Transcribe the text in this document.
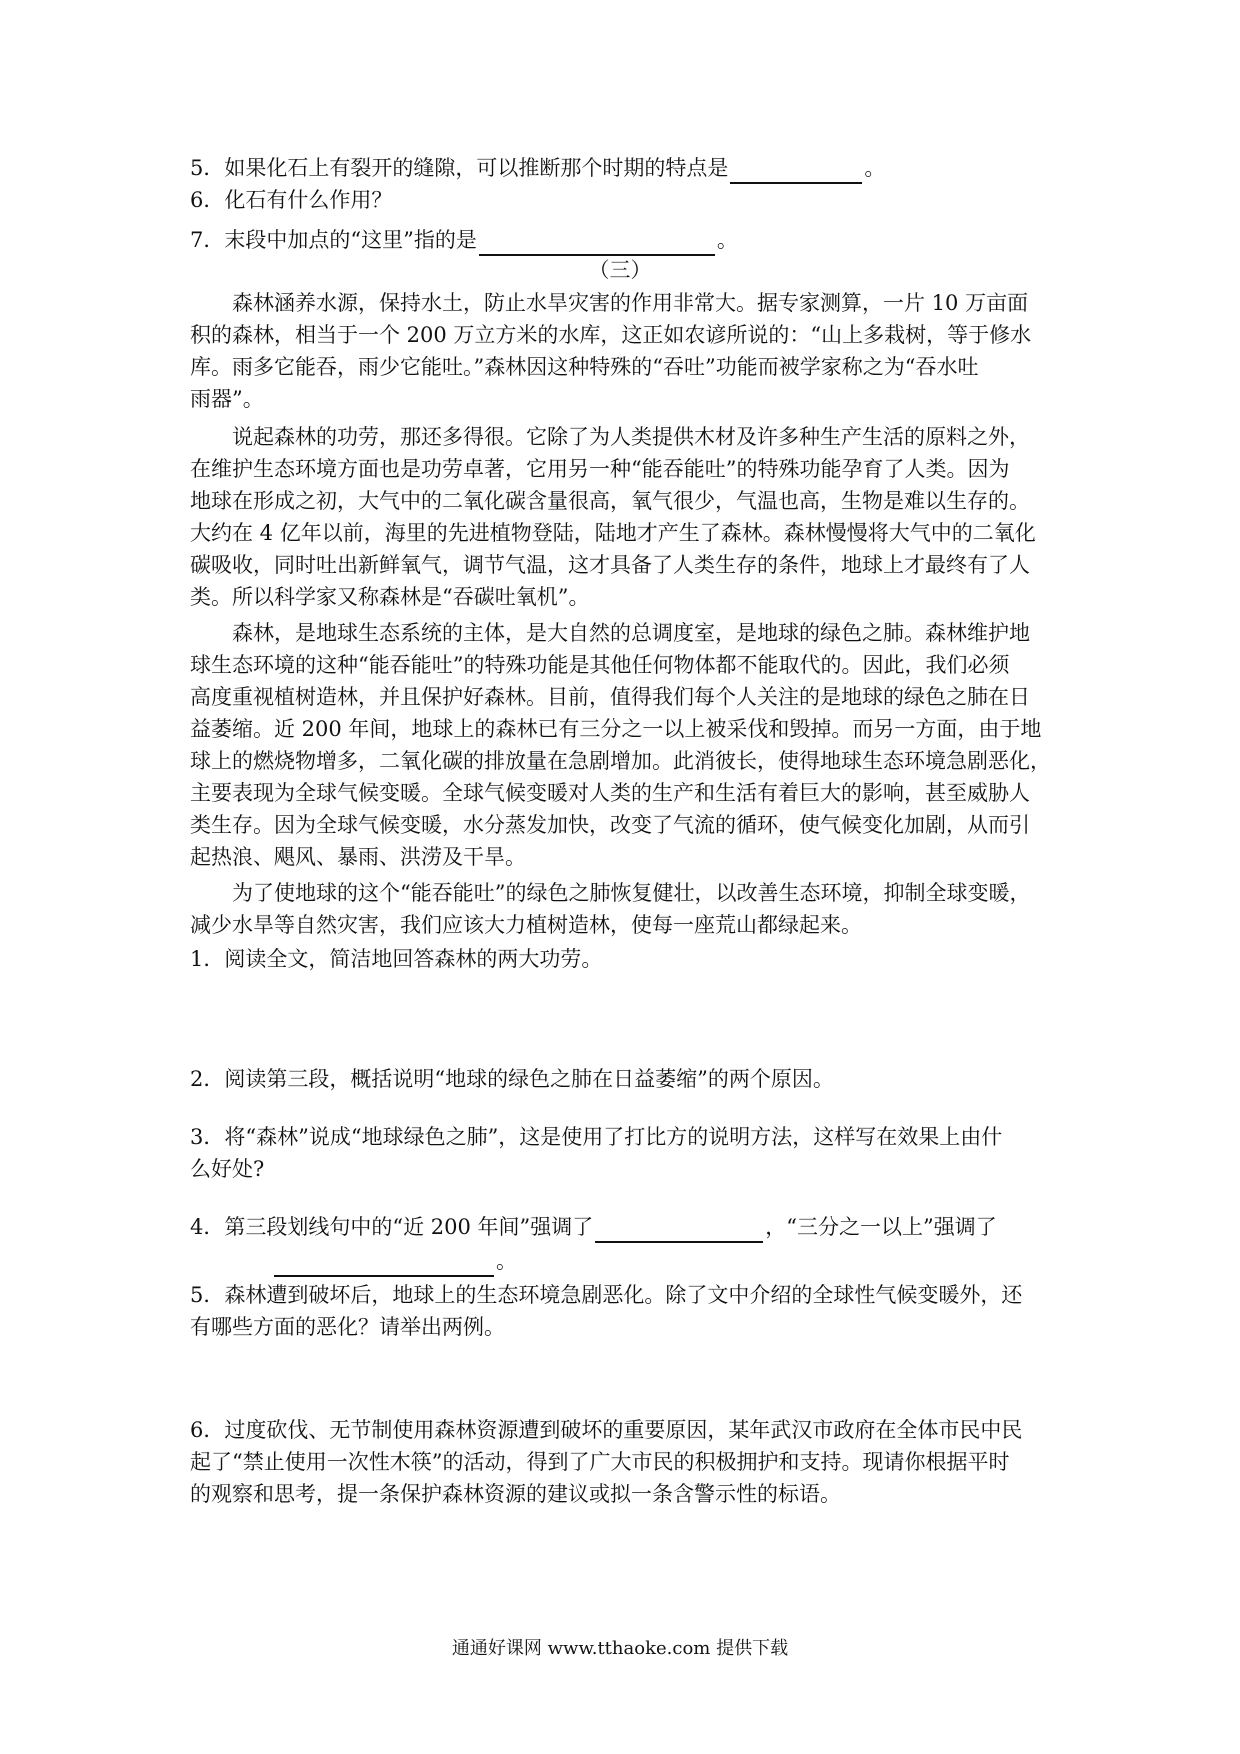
5．如果化石上有裂开的缝隙，可以推断那个时期的特点是	。
6．化石有什么作用？
7．末段中加点的“这里”指的是	。
（三）
森林涵养水源，保持水土，防止水旱灾害的作用非常大。据专家测算，一片 10 万亩面
积的森林，相当于一个 200 万立方米的水库，这正如农谚所说的：“山上多栽树，等于修水
库。雨多它能吞，雨少它能吐。”森林因这种特殊的“吞吐”功能而被学家称之为“吞水吐
雨器”。
说起森林的功劳，那还多得很。它除了为人类提供木材及许多种生产生活的原料之外，
在维护生态环境方面也是功劳卓著，它用另一种“能吞能吐”的特殊功能孕育了人类。因为
地球在形成之初，大气中的二氧化碳含量很高，氧气很少，气温也高，生物是难以生存的。
大约在 4 亿年以前，海里的先进植物登陆，陆地才产生了森林。森林慢慢将大气中的二氧化
碳吸收，同时吐出新鲜氧气，调节气温，这才具备了人类生存的条件，地球上才最终有了人
类。所以科学家又称森林是“吞碳吐氧机”。
森林，是地球生态系统的主体，是大自然的总调度室，是地球的绿色之肺。森林维护地
球生态环境的这种“能吞能吐”的特殊功能是其他任何物体都不能取代的。因此，我们必须
高度重视植树造林，并且保护好森林。目前，值得我们每个人关注的是地球的绿色之肺在日
益萎缩。近 200 年间，地球上的森林已有三分之一以上被采伐和毁掉。而另一方面，由于地
球上的燃烧物增多，二氧化碳的排放量在急剧增加。此消彼长，使得地球生态环境急剧恶化，
主要表现为全球气候变暖。全球气候变暖对人类的生产和生活有着巨大的影响，甚至威胁人
类生存。因为全球气候变暖，水分蒸发加快，改变了气流的循环，使气候变化加剧，从而引
起热浪、飓风、暴雨、洪涝及干旱。
为了使地球的这个“能吞能吐”的绿色之肺恢复健壮，以改善生态环境，抑制全球变暖，
减少水旱等自然灾害，我们应该大力植树造林，使每一座荒山都绿起来。
1．阅读全文，简洁地回答森林的两大功劳。
2．阅读第三段，概括说明“地球的绿色之肺在日益萎缩”的两个原因。
3．将“森林”说成“地球绿色之肺”，这是使用了打比方的说明方法，这样写在效果上由什
么好处?
4．第三段划线句中的“近 200 年间”强调了	，“三分之一以上”强调了
。
5．森林遭到破坏后，地球上的生态环境急剧恶化。除了文中介绍的全球性气候变暖外，还
有哪些方面的恶化？请举出两例。
6．过度砍伐、无节制使用森林资源遭到破坏的重要原因，某年武汉市政府在全体市民中民
起了“禁止使用一次性木筷”的活动，得到了广大市民的积极拥护和支持。现请你根据平时
的观察和思考，提一条保护森林资源的建议或拟一条含警示性的标语。
通通好课网 www.tthaoke.com 提供下载
